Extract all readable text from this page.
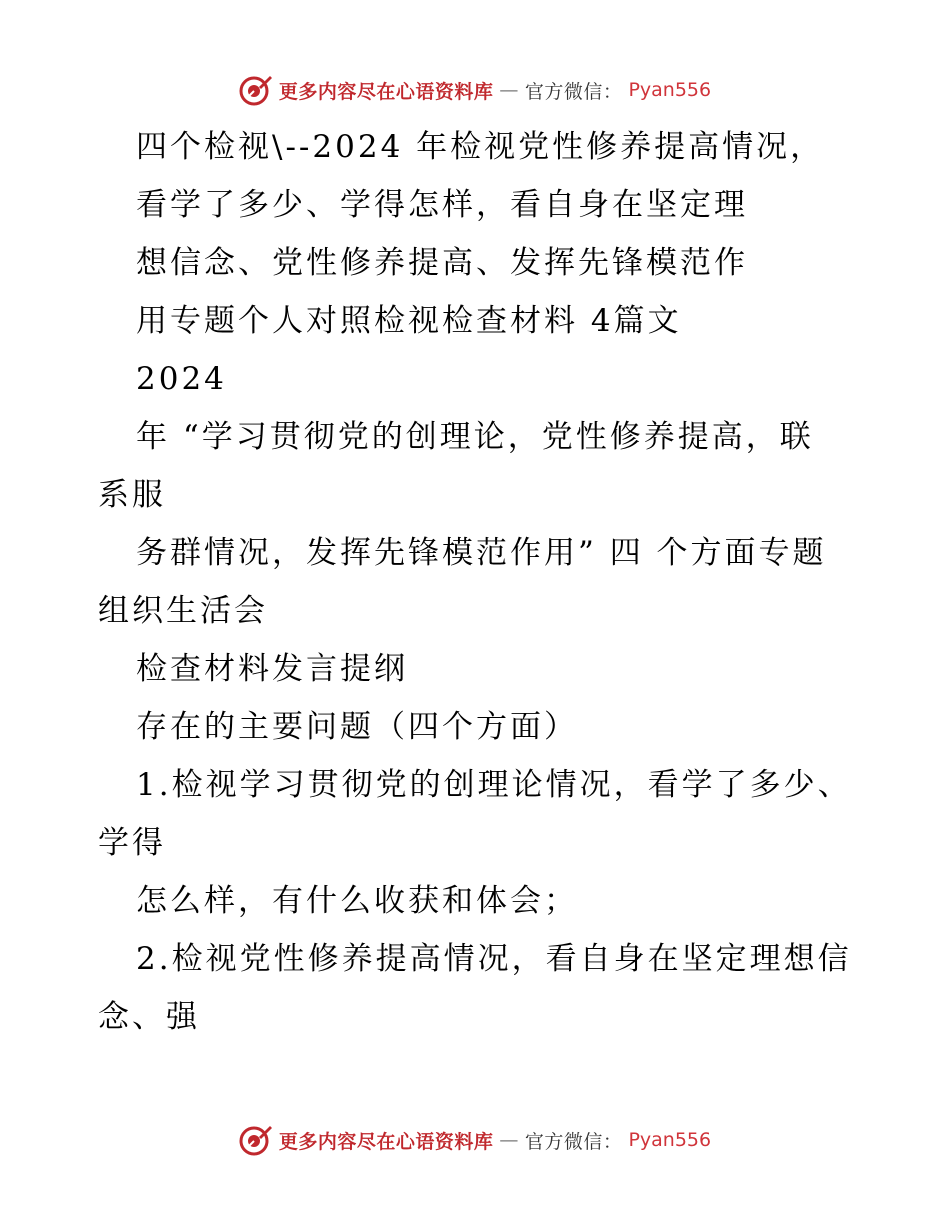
更多内容尽在心语资料库 — 官方微信： Pyan556
四个检视\--2024 年检视党性修养提高情况，
看学了多少、学得怎样，看自身在坚定理
想信念、党性修养提高、发挥先锋模范作
用专题个人对照检视检查材料 4篇文
2024
年 “学习贯彻党的创理论，党性修养提高，联
系服
务群情况，发挥先锋模范作用” 四 个方面专题
组织生活会
检查材料发言提纲
存在的主要问题（四个方面）
1.检视学习贯彻党的创理论情况，看学了多少、
学得
怎么样，有什么收获和体会；
2.检视党性修养提高情况，看自身在坚定理想信
念、强
更多内容尽在心语资料库 — 官方微信： Pyan556
